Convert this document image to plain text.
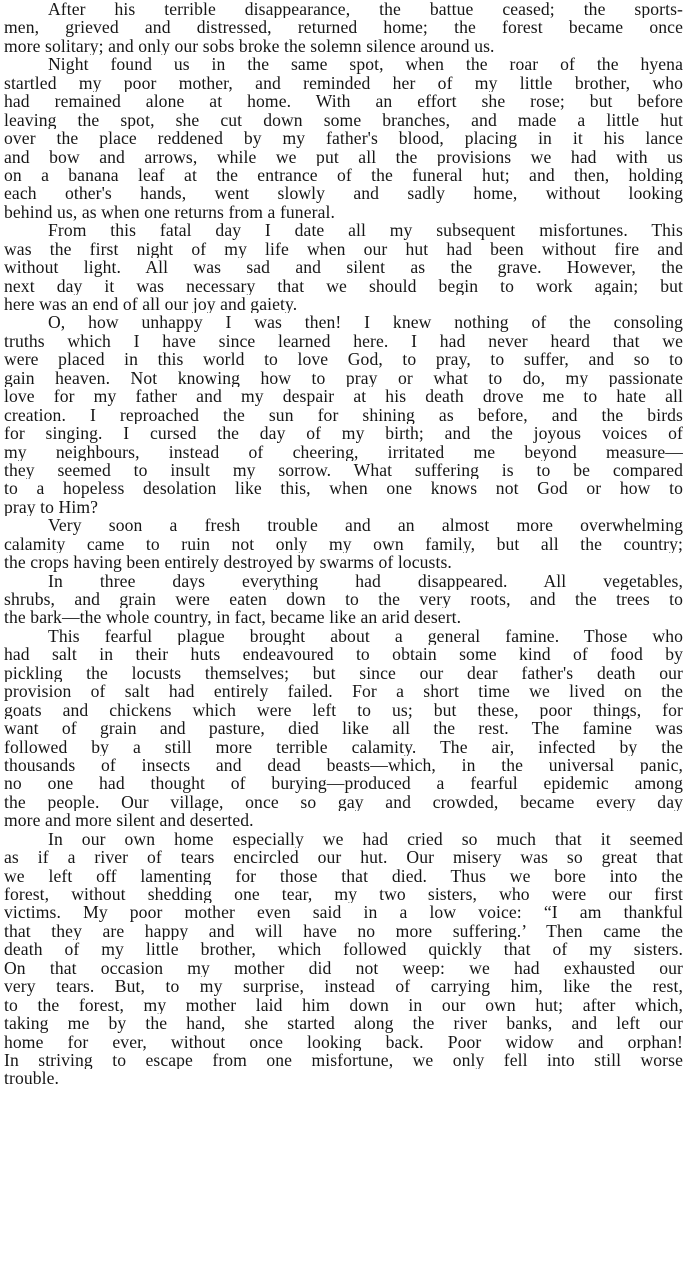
After his terrible disappearance, the battue ceased; the sports-
men, grieved and distressed, returned home; the forest became once
more solitary; and only our sobs broke the solemn silence around us.
Night found us in the same spot, when the roar of the hyena
startled my poor mother, and reminded her of my little brother, who
had remained alone at home. With an effort she rose; but before
leaving the spot, she cut down some branches, and made a little hut
over the place reddened by my father's blood, placing in it his lance
and bow and arrows, while we put all the provisions we had with us
on a banana leaf at the entrance of the funeral hut; and then, holding
each other's hands, went slowly and sadly home, without looking
behind us, as when one returns from a funeral.
From this fatal day I date all my subsequent misfortunes. This
was the first night of my life when our hut had been without fire and
without light. All was sad and silent as the grave. However, the
next day it was necessary that we should begin to work again; but
here was an end of all our joy and gaiety.
O, how unhappy I was then! I knew nothing of the consoling
truths which I have since learned here. I had never heard that we
were placed in this world to love God, to pray, to suffer, and so to
gain heaven. Not knowing how to pray or what to do, my passionate
love for my father and my despair at his death drove me to hate all
creation. I reproached the sun for shining as before, and the birds
for singing. I cursed the day of my birth; and the joyous voices of
my neighbours, instead of cheering, irritated me beyond measure—
they seemed to insult my sorrow. What suffering is to be compared
to a hopeless desolation like this, when one knows not God or how to
pray to Him?
Very soon a fresh trouble and an almost more overwhelming
calamity came to ruin not only my own family, but all the country;
the crops having been entirely destroyed by swarms of locusts.
In three days everything had disappeared. All vegetables,
shrubs, and grain were eaten down to the very roots, and the trees to
the bark—the whole country, in fact, became like an arid desert.
This fearful plague brought about a general famine. Those who
had salt in their huts endeavoured to obtain some kind of food by
pickling the locusts themselves; but since our dear father's death our
provision of salt had entirely failed. For a short time we lived on the
goats and chickens which were left to us; but these, poor things, for
want of grain and pasture, died like all the rest. The famine was
followed by a still more terrible calamity. The air, infected by the
thousands of insects and dead beasts—which, in the universal panic,
no one had thought of burying—produced a fearful epidemic among
the people. Our village, once so gay and crowded, became every day
more and more silent and deserted.
In our own home especially we had cried so much that it seemed
as if a river of tears encircled our hut. Our misery was so great that
we left off lamenting for those that died. Thus we bore into the
forest, without shedding one tear, my two sisters, who were our first
victims. My poor mother even said in a low voice: “I am thankful
that they are happy and will have no more suffering.’ Then came the
death of my little brother, which followed quickly that of my sisters.
On that occasion my mother did not weep: we had exhausted our
very tears. But, to my surprise, instead of carrying him, like the rest,
to the forest, my mother laid him down in our own hut; after which,
taking me by the hand, she started along the river banks, and left our
home for ever, without once looking back. Poor widow and orphan!
In striving to escape from one misfortune, we only fell into still worse
trouble.
